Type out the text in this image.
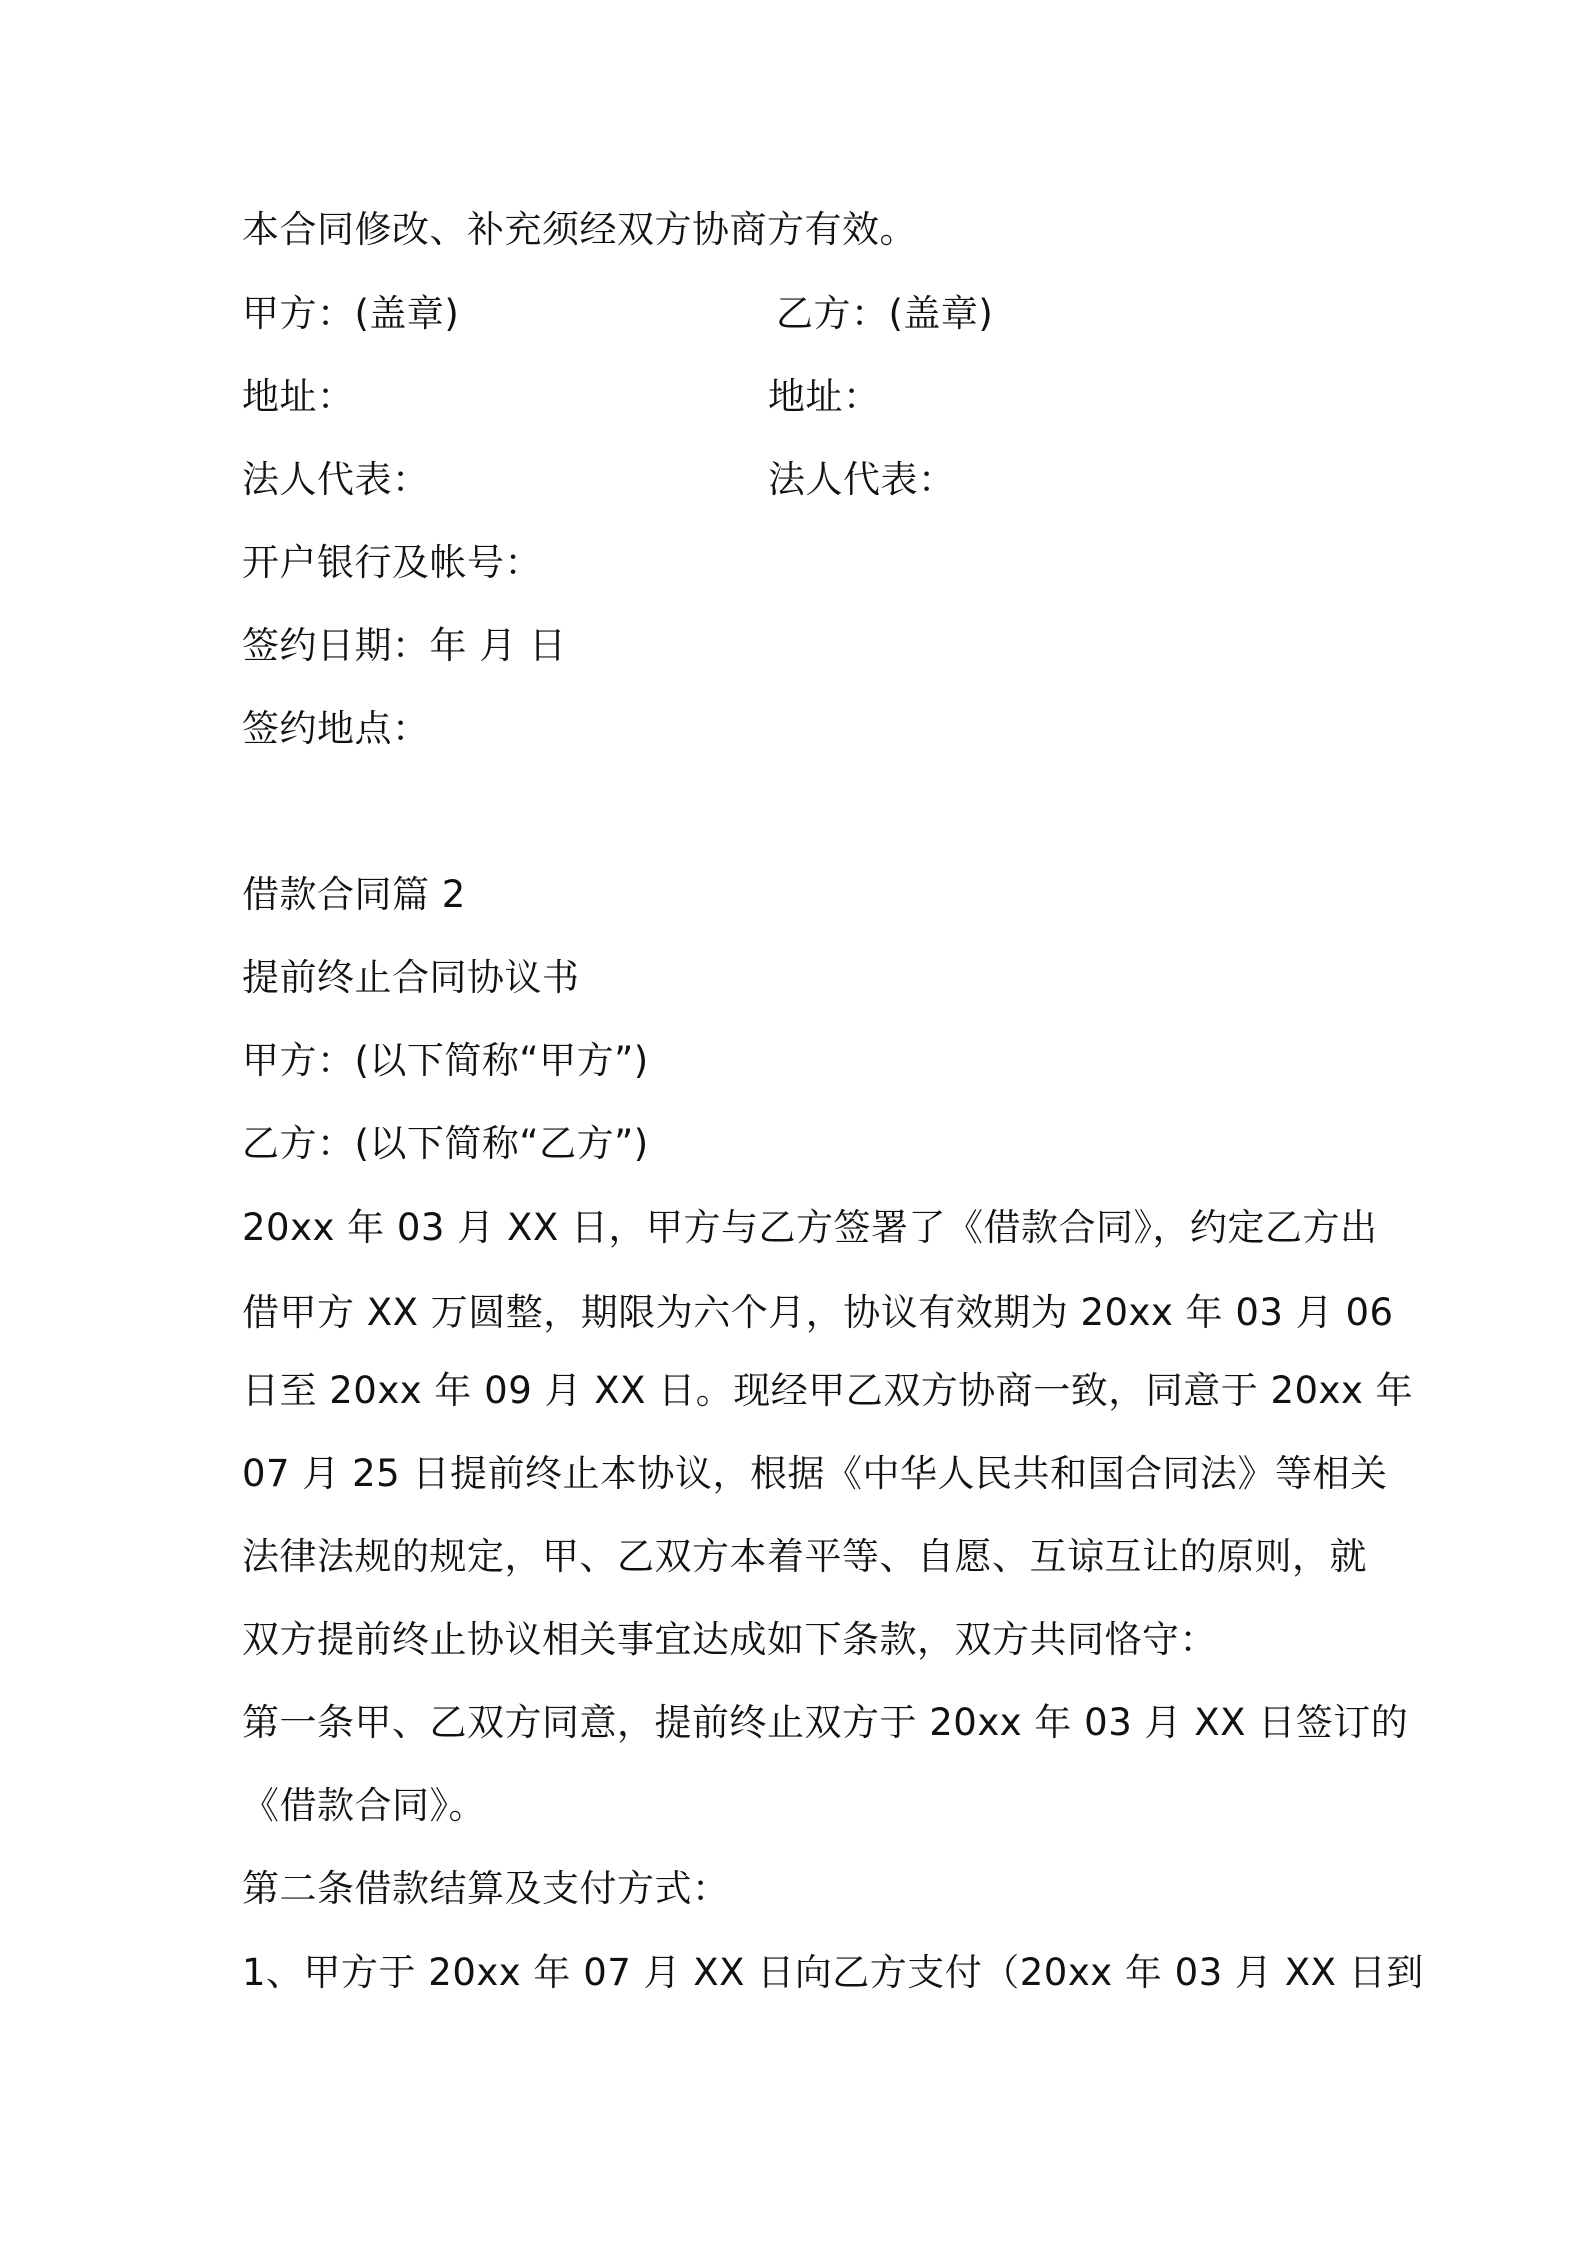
本合同修改、补充须经双方协商方有效。
甲方：(盖章)	乙方：(盖章)
地址：	地址：
法人代表：	法人代表：
开户银行及帐号：
签约日期：年 月 日
签约地点：
借款合同篇 2
提前终止合同协议书
甲方：(以下简称“甲方”)
乙方：(以下简称“乙方”)
20xx 年 03 月 XX 日，甲方与乙方签署了《借款合同》，约定乙方出
借甲方 XX 万圆整，期限为六个月，协议有效期为 20xx 年 03 月 06
日至 20xx 年 09 月 XX 日。现经甲乙双方协商一致，同意于 20xx 年
07 月 25 日提前终止本协议，根据《中华人民共和国合同法》等相关
法律法规的规定，甲、乙双方本着平等、自愿、互谅互让的原则，就
双方提前终止协议相关事宜达成如下条款，双方共同恪守：
第一条甲、乙双方同意，提前终止双方于 20xx 年 03 月 XX 日签订的
《借款合同》。
第二条借款结算及支付方式：
1、甲方于 20xx 年 07 月 XX 日向乙方支付（20xx 年 03 月 XX 日到
